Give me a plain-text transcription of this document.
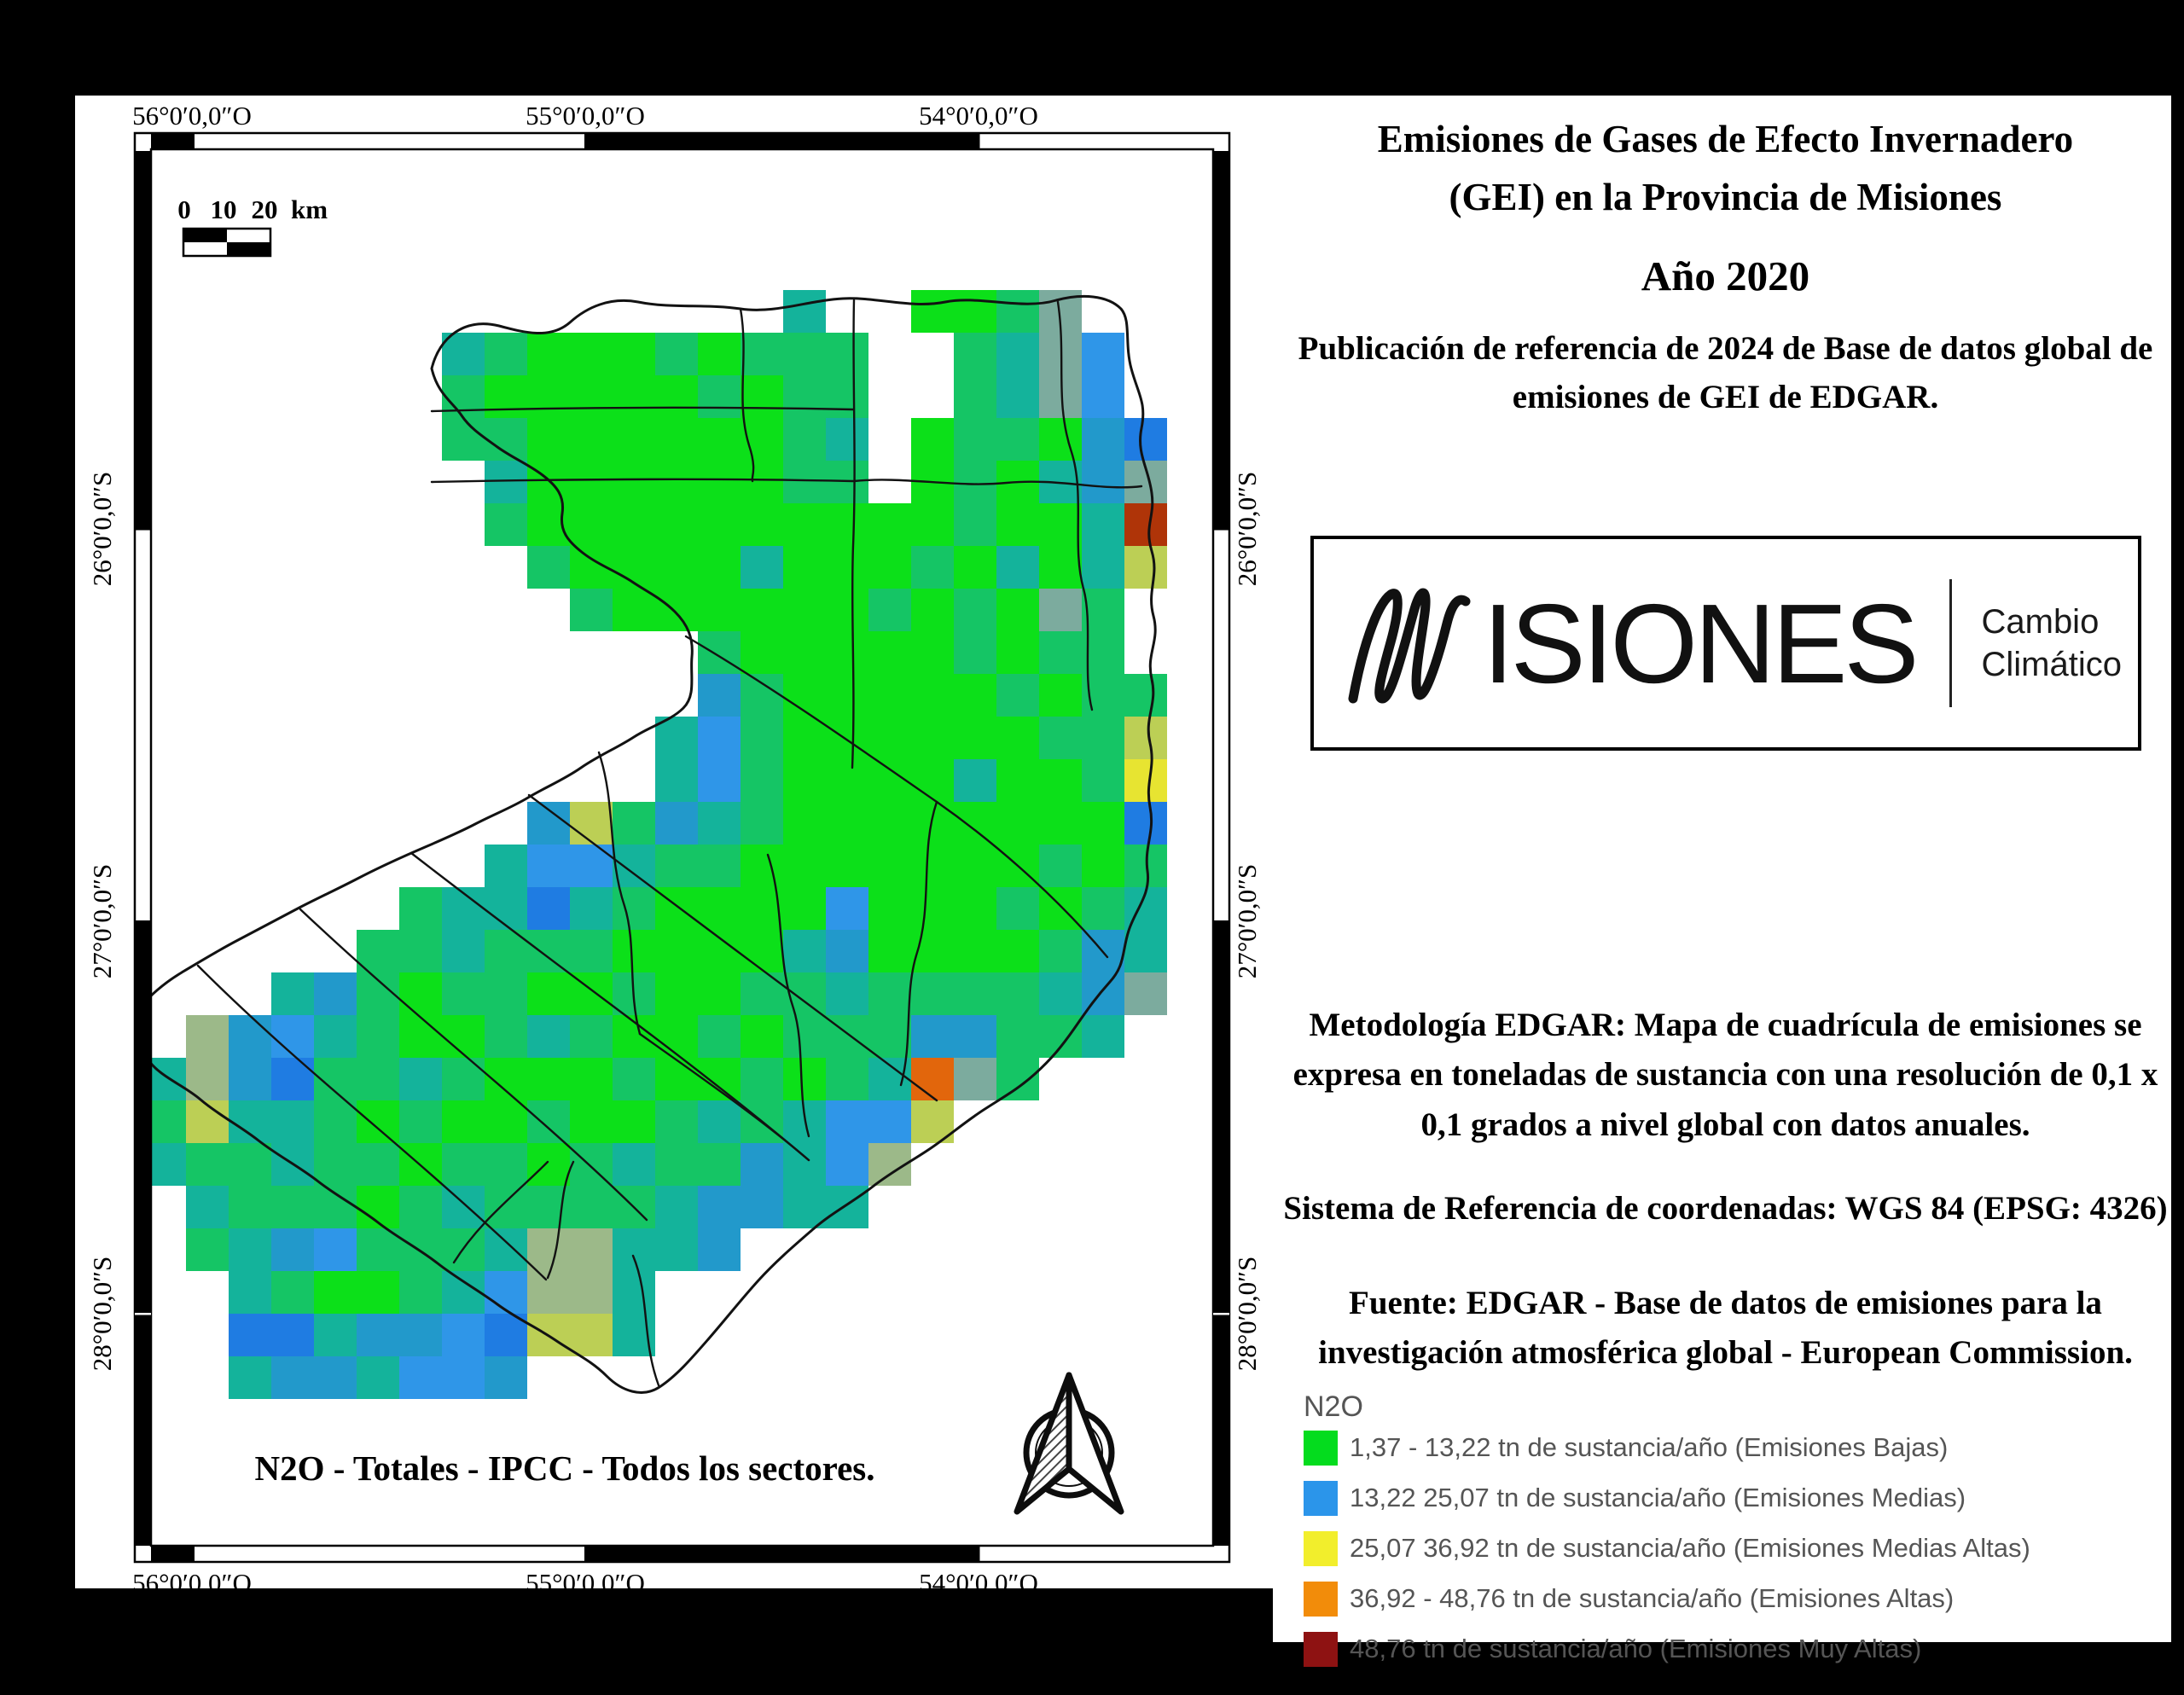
56°0′0,0″O	55°0′0,0″O	54°0′0,0″O
56°0′0,0″O	55°0′0,0″O	54°0′0,0″O
26°0′0,0″S
27°0′0,0″S
28°0′0,0″S
26°0′0,0″S
27°0′0,0″S
28°0′0,0″S
0 10 20 km
N2O - Totales - IPCC - Todos los sectores.
Emisiones de Gases de Efecto Invernadero
(GEI) en la Provincia de Misiones
Año 2020
Publicación de referencia de 2024 de Base de datos global de emisiones de GEI de EDGAR.
ISIONES Cambio
Climático
Metodología EDGAR: Mapa de cuadrícula de emisiones se expresa en toneladas de sustancia con una resolución de 0,1 x 0,1 grados a nivel global con datos anuales.
Sistema de Referencia de coordenadas: WGS 84 (EPSG: 4326)
Fuente: EDGAR - Base de datos de emisiones para la investigación atmosférica global - European Commission.
N2O
1,37 - 13,22 tn de sustancia/año (Emisiones Bajas)
13,22 25,07 tn de sustancia/año (Emisiones Medias)
25,07 36,92 tn de sustancia/año (Emisiones Medias Altas)
36,92 - 48,76 tn de sustancia/año (Emisiones Altas)
48,76 tn de sustancia/año (Emisiones Muy Altas)
